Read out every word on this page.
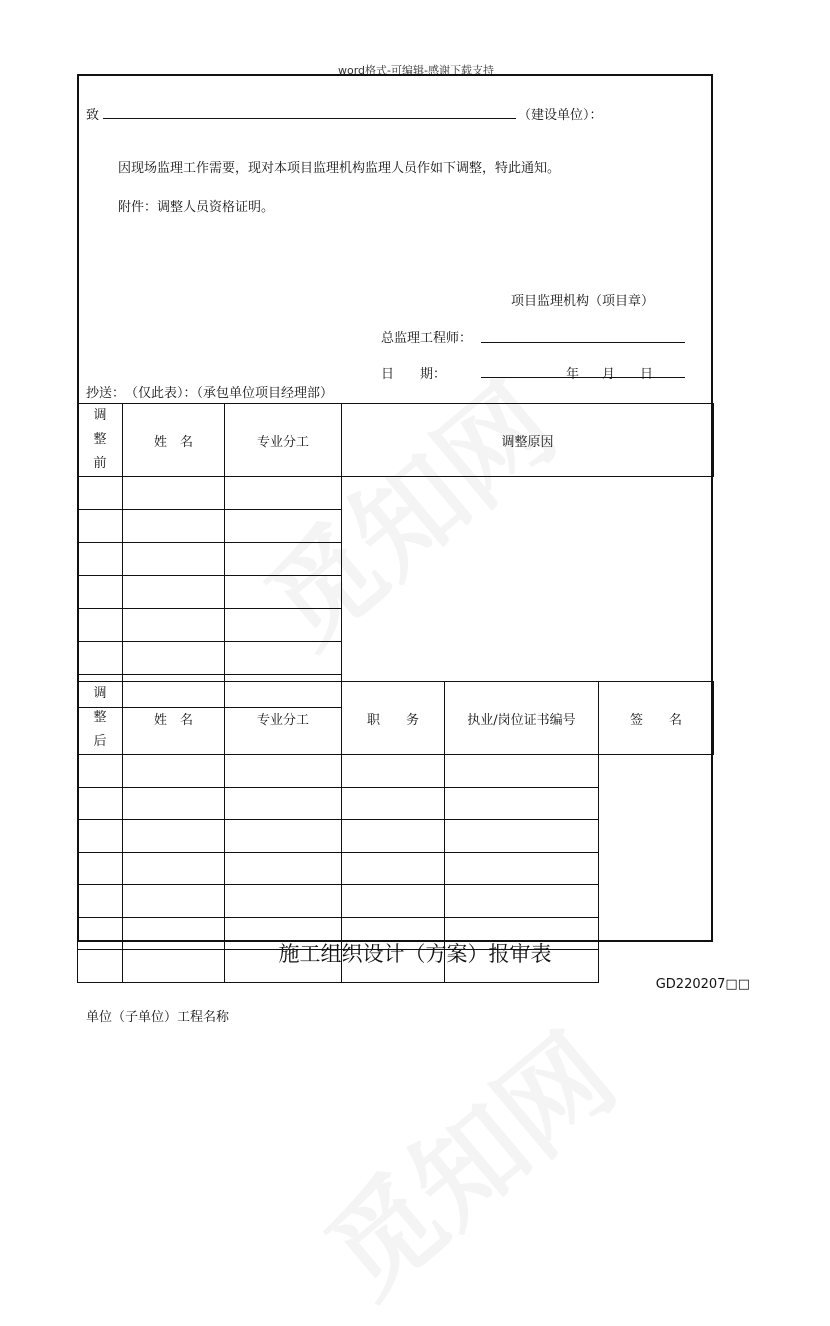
word格式-可编辑-感谢下载支持
致	（建设单位）：
因现场监理工作需要，现对本项目监理机构监理人员作如下调整，特此通知。
附件：调整人员资格证明。
项目监理机构（项目章）
总监理工程师：
日　　期：	年 月 日
抄送：　（仅此表）：（承包单位项目经理部）
调
整
前	姓　名	专业分工	调整原因

调
整
后	姓　名	专业分工	职　　务	执业/岗位证书编号	签　　名

施工组织设计（方案）报审表
GD220207□□
单位（子单位）工程名称
